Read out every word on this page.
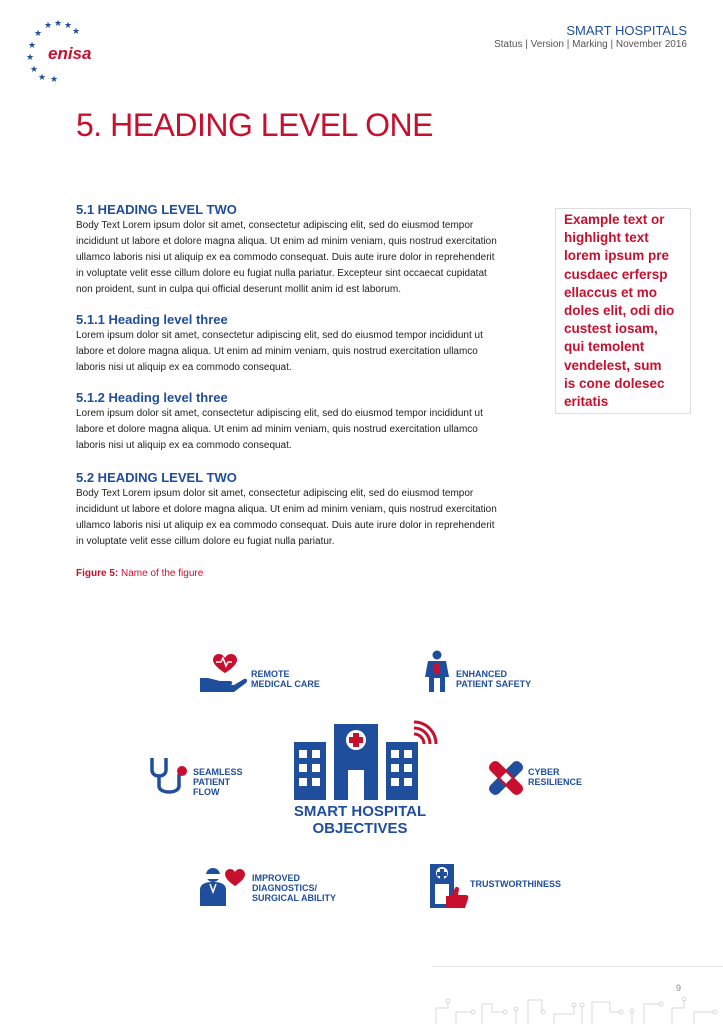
★ ★ ★
★
★
★
★
★ ★
★
enisa
SMART HOSPITALS
Status | Version | Marking | November 2016
5. HEADING LEVEL ONE
5.1 HEADING LEVEL TWO
Body Text Lorem ipsum dolor sit amet, consectetur adipiscing elit, sed do eiusmod tempor
incididunt ut labore et dolore magna aliqua. Ut enim ad minim veniam, quis nostrud exercitation
ullamco laboris nisi ut aliquip ex ea commodo consequat. Duis aute irure dolor in reprehenderit
in voluptate velit esse cillum dolore eu fugiat nulla pariatur. Excepteur sint occaecat cupidatat
non proident, sunt in culpa qui official deserunt mollit anim id est laborum.
5.1.1 Heading level three
Lorem ipsum dolor sit amet, consectetur adipiscing elit, sed do eiusmod tempor incididunt ut
labore et dolore magna aliqua. Ut enim ad minim veniam, quis nostrud exercitation ullamco
laboris nisi ut aliquip ex ea commodo consequat.
5.1.2 Heading level three
Lorem ipsum dolor sit amet, consectetur adipiscing elit, sed do eiusmod tempor incididunt ut
labore et dolore magna aliqua. Ut enim ad minim veniam, quis nostrud exercitation ullamco
laboris nisi ut aliquip ex ea commodo consequat.
5.2 HEADING LEVEL TWO
Body Text Lorem ipsum dolor sit amet, consectetur adipiscing elit, sed do eiusmod tempor
incididunt ut labore et dolore magna aliqua. Ut enim ad minim veniam, quis nostrud exercitation
ullamco laboris nisi ut aliquip ex ea commodo consequat. Duis aute irure dolor in reprehenderit
in voluptate velit esse cillum dolore eu fugiat nulla pariatur.
Example text or
highlight text
lorem ipsum pre
cusdaec erfersp
ellaccus et mo
doles elit, odi dio
custest iosam,
qui temolent
vendelest, sum
is cone dolesec
eritatis
Figure 5: Name of the figure
REMOTE
MEDICAL CARE
ENHANCED
PATIENT SAFETY
SEAMLESS
PATIENT
FLOW
CYBER
RESILIENCE
SMART HOSPITAL
OBJECTIVES
IMPROVED
DIAGNOSTICS/
SURGICAL ABILITY
TRUSTWORTHINESS
9
